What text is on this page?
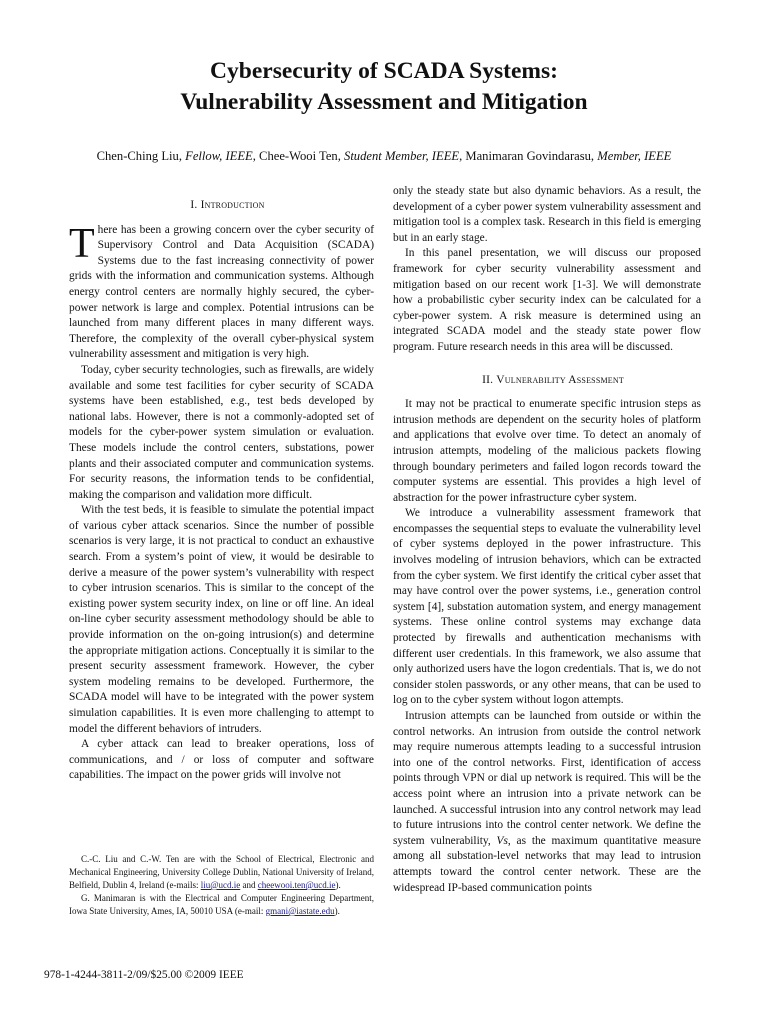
Cybersecurity of SCADA Systems:
Vulnerability Assessment and Mitigation
Chen-Ching Liu, Fellow, IEEE, Chee-Wooi Ten, Student Member, IEEE, Manimaran Govindarasu, Member, IEEE

I. Introduction

There has been a growing concern over the cyber security of Supervisory Control and Data Acquisition (SCADA) Systems due to the fast increasing connectivity of power grids with the information and communication systems. Although energy control centers are normally highly secured, the cyber-power network is large and complex. Potential intrusions can be launched from many different places in many different ways. Therefore, the complexity of the overall cyber-physical system vulnerability assessment and mitigation is very high.

Today, cyber security technologies, such as firewalls, are widely available and some test facilities for cyber security of SCADA systems have been established, e.g., test beds developed by national labs. However, there is not a commonly-adopted set of models for the cyber-power system simulation or evaluation. These models include the control centers, substations, power plants and their associated computer and communication systems. For security reasons, the information tends to be confidential, making the comparison and validation more difficult.

With the test beds, it is feasible to simulate the potential impact of various cyber attack scenarios. Since the number of possible scenarios is very large, it is not practical to conduct an exhaustive search. From a system’s point of view, it would be desirable to derive a measure of the power system’s vulnerability with respect to cyber intrusion scenarios. This is similar to the concept of the existing power system security index, on line or off line. An ideal on-line cyber security assessment methodology should be able to provide information on the on-going intrusion(s) and determine the appropriate mitigation actions. Conceptually it is similar to the present security assessment framework. However, the cyber system modeling remains to be developed. Furthermore, the SCADA model will have to be integrated with the power system simulation capabilities. It is even more challenging to attempt to model the different behaviors of intruders.

A cyber attack can lead to breaker operations, loss of communications, and / or loss of computer and software capabilities. The impact on the power grids will involve not

only the steady state but also dynamic behaviors. As a result, the development of a cyber power system vulnerability assessment and mitigation tool is a complex task. Research in this field is emerging but in an early stage.

In this panel presentation, we will discuss our proposed framework for cyber security vulnerability assessment and mitigation based on our recent work [1-3]. We will demonstrate how a probabilistic cyber security index can be calculated for a cyber-power system. A risk measure is determined using an integrated SCADA model and the steady state power flow program. Future research needs in this area will be discussed.

II. Vulnerability Assessment

It may not be practical to enumerate specific intrusion steps as intrusion methods are dependent on the security holes of platform and applications that evolve over time. To detect an anomaly of intrusion attempts, modeling of the malicious packets flowing through boundary perimeters and failed logon records toward the computer systems are essential. This provides a high level of abstraction for the power infrastructure cyber system.

We introduce a vulnerability assessment framework that encompasses the sequential steps to evaluate the vulnerability level of cyber systems deployed in the power infrastructure. This involves modeling of intrusion behaviors, which can be extracted from the cyber system. We first identify the critical cyber asset that may have control over the power systems, i.e., generation control system [4], substation automation system, and energy management systems. These online control systems may exchange data protected by firewalls and authentication mechanisms with different user credentials. In this framework, we also assume that only authorized users have the logon credentials. That is, we do not consider stolen passwords, or any other means, that can be used to log on to the cyber system without logon attempts.

Intrusion attempts can be launched from outside or within the control networks. An intrusion from outside the control network may require numerous attempts leading to a successful intrusion into one of the control networks. First, identification of access points through VPN or dial up network is required. This will be the access point where an intrusion into a private network can be launched. A successful intrusion into any control network may lead to future intrusions into the control center network. We define the system vulnerability, Vs, as the maximum quantitative measure among all substation-level networks that may lead to intrusion attempts toward the control center network. These are the widespread IP-based communication points

C.-C. Liu and C.-W. Ten are with the School of Electrical, Electronic and Mechanical Engineering, University College Dublin, National University of Ireland, Belfield, Dublin 4, Ireland (e-mails: liu@ucd.ie and cheewooi.ten@ucd.ie).

G. Manimaran is with the Electrical and Computer Engineering Department, Iowa State University, Ames, IA, 50010 USA (e-mail: gmani@iastate.edu).

978-1-4244-3811-2/09/$25.00 ©2009 IEEE
